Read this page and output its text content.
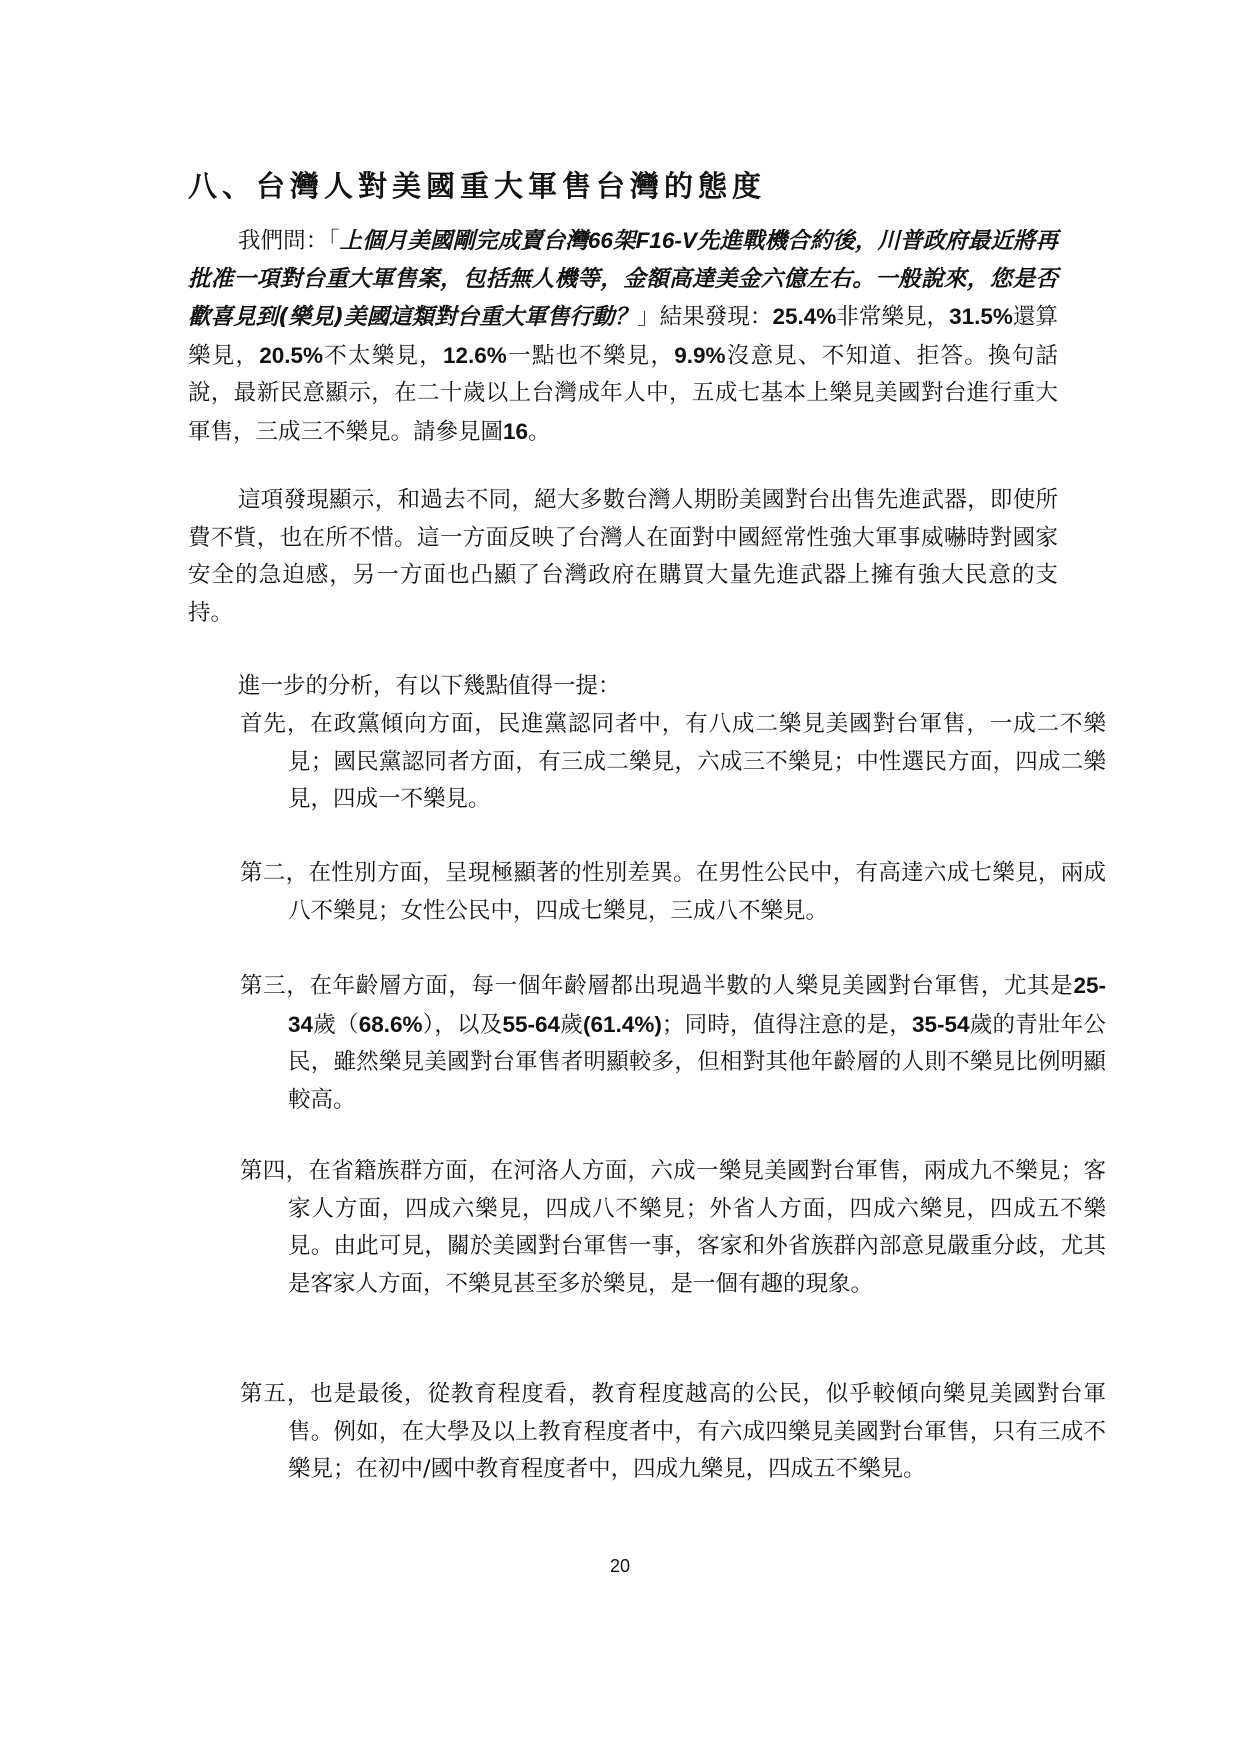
八、台灣人對美國重大軍售台灣的態度

我們問：「上個月美國剛完成賣台灣66架F16-V先進戰機合約後，川普政府最近將再批准一項對台重大軍售案，包括無人機等，金額高達美金六億左右。一般說來，您是否歡喜見到(樂見)美國這類對台重大軍售行動？」結果發現：25.4%非常樂見，31.5%還算樂見，20.5%不太樂見，12.6%一點也不樂見，9.9%沒意見、不知道、拒答。換句話說，最新民意顯示，在二十歲以上台灣成年人中，五成七基本上樂見美國對台進行重大軍售，三成三不樂見。請參見圖16。

這項發現顯示，和過去不同，絕大多數台灣人期盼美國對台出售先進武器，即使所費不貲，也在所不惜。這一方面反映了台灣人在面對中國經常性強大軍事威嚇時對國家安全的急迫感，另一方面也凸顯了台灣政府在購買大量先進武器上擁有強大民意的支持。

進一步的分析，有以下幾點值得一提：

首先，在政黨傾向方面，民進黨認同者中，有八成二樂見美國對台軍售，一成二不樂見；國民黨認同者方面，有三成二樂見，六成三不樂見；中性選民方面，四成二樂見，四成一不樂見。

第二，在性別方面，呈現極顯著的性別差異。在男性公民中，有高達六成七樂見，兩成八不樂見；女性公民中，四成七樂見，三成八不樂見。

第三，在年齡層方面，每一個年齡層都出現過半數的人樂見美國對台軍售，尤其是25-34歲（68.6%），以及55-64歲(61.4%)；同時，值得注意的是，35-54歲的青壯年公民，雖然樂見美國對台軍售者明顯較多，但相對其他年齡層的人則不樂見比例明顯較高。

第四，在省籍族群方面，在河洛人方面，六成一樂見美國對台軍售，兩成九不樂見；客家人方面，四成六樂見，四成八不樂見；外省人方面，四成六樂見，四成五不樂見。由此可見，關於美國對台軍售一事，客家和外省族群內部意見嚴重分歧，尤其是客家人方面，不樂見甚至多於樂見，是一個有趣的現象。

第五，也是最後，從教育程度看，教育程度越高的公民，似乎較傾向樂見美國對台軍售。例如，在大學及以上教育程度者中，有六成四樂見美國對台軍售，只有三成不樂見；在初中/國中教育程度者中，四成九樂見，四成五不樂見。

20
